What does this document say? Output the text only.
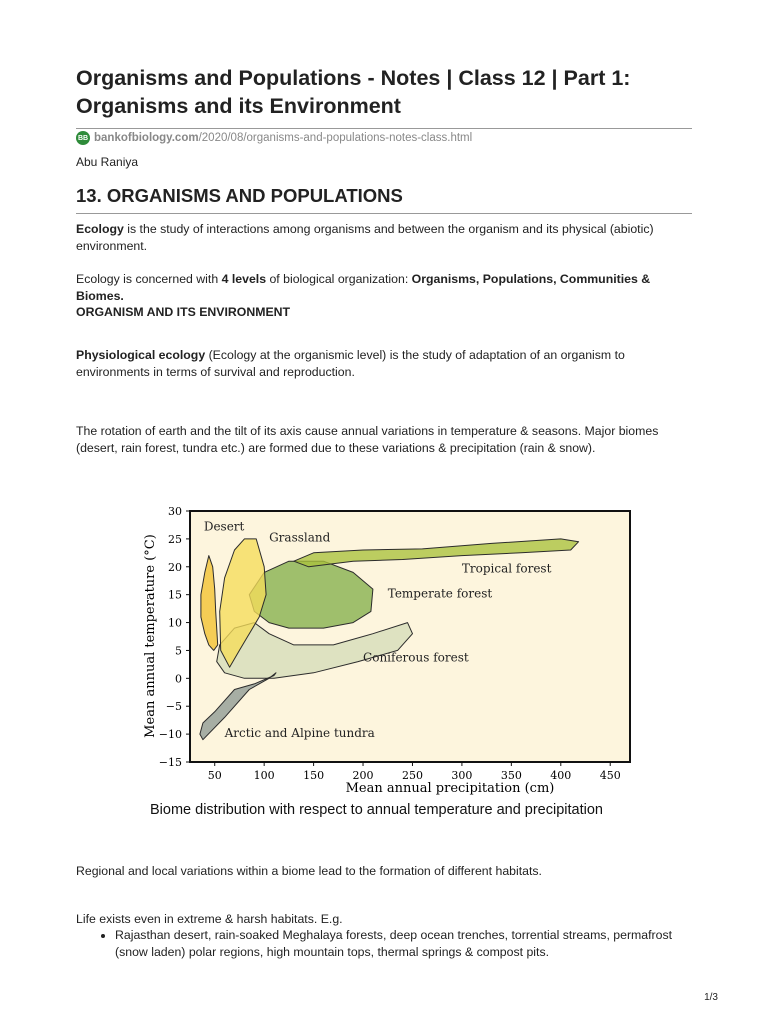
Organisms and Populations - Notes | Class 12 | Part 1: Organisms and its Environment
BB bankofbiology.com /2020/08/organisms-and-populations-notes-class.html
Abu Raniya
13. ORGANISMS AND POPULATIONS

Ecology is the study of interactions among organisms and between the organism and its physical (abiotic) environment.

Ecology is concerned with 4 levels of biological organization: Organisms, Populations, Communities & Biomes.
ORGANISM AND ITS ENVIRONMENT

Physiological ecology (Ecology at the organismic level) is the study of adaptation of an organism to environments in terms of survival and reproduction.

The rotation of earth and the tilt of its axis cause annual variations in temperature & seasons. Major biomes (desert, rain forest, tundra etc.) are formed due to these variations & precipitation (rain & snow).

Desert
Grassland
Tropical forest
Temperate forest
Coniferous forest
Arctic and Alpine tundra
50	100	150	200	250	300	350	400	450
30
25
20
15
10
5
0
−5
−10
−15
Mean annual precipitation (cm)
Mean annual temperature (°C)
Biome distribution with respect to annual temperature and precipitation

Regional and local variations within a biome lead to the formation of different habitats.

Life exists even in extreme & harsh habitats. E.g.

• Rajasthan desert, rain-soaked Meghalaya forests, deep ocean trenches, torrential streams, permafrost (snow laden) polar regions, high mountain tops, thermal springs & compost pits.
1/3
